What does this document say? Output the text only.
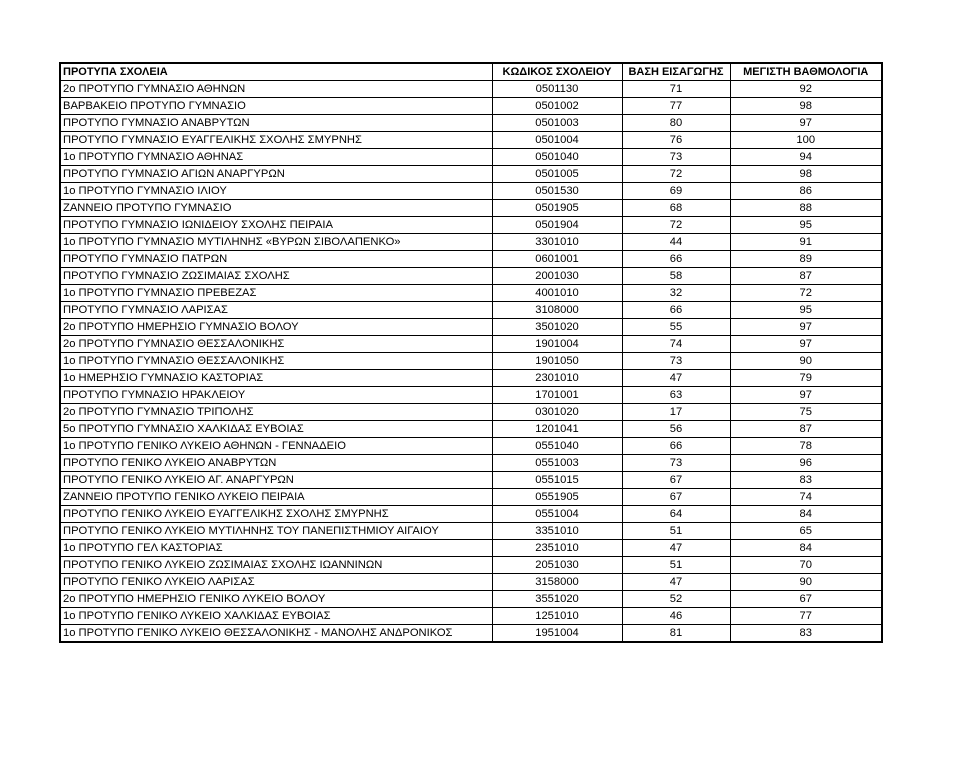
ΠΡΟΤΥΠΑ ΣΧΟΛΕΙΑ	ΚΩΔΙΚΟΣ ΣΧΟΛΕΙΟΥ	ΒΑΣΗ ΕΙΣΑΓΩΓΗΣ	ΜΕΓΙΣΤΗ ΒΑΘΜΟΛΟΓΙΑ
2ο ΠΡΟΤΥΠΟ ΓΥΜΝΑΣΙΟ ΑΘΗΝΩΝ	0501130	71	92
ΒΑΡΒΑΚΕΙΟ ΠΡΟΤΥΠΟ ΓΥΜΝΑΣΙΟ	0501002	77	98
ΠΡΟΤΥΠΟ ΓΥΜΝΑΣΙΟ ΑΝΑΒΡΥΤΩΝ	0501003	80	97
ΠΡΟΤΥΠΟ ΓΥΜΝΑΣΙΟ ΕΥΑΓΓΕΛΙΚΗΣ ΣΧΟΛΗΣ ΣΜΥΡΝΗΣ	0501004	76	100
1ο ΠΡΟΤΥΠΟ ΓΥΜΝΑΣΙΟ ΑΘΗΝΑΣ	0501040	73	94
ΠΡΟΤΥΠΟ ΓΥΜΝΑΣΙΟ ΑΓΙΩΝ ΑΝΑΡΓΥΡΩΝ	0501005	72	98
1ο ΠΡΟΤΥΠΟ ΓΥΜΝΑΣΙΟ ΙΛΙΟΥ	0501530	69	86
ΖΑΝΝΕΙΟ ΠΡΟΤΥΠΟ ΓΥΜΝΑΣΙΟ	0501905	68	88
ΠΡΟΤΥΠΟ ΓΥΜΝΑΣΙΟ ΙΩΝΙΔΕΙΟΥ ΣΧΟΛΗΣ ΠΕΙΡΑΙΑ	0501904	72	95
1ο ΠΡΟΤΥΠΟ ΓΥΜΝΑΣΙΟ ΜΥΤΙΛΗΝΗΣ «ΒΥΡΩΝ ΣΙΒΟΛΑΠΕΝΚΟ»	3301010	44	91
ΠΡΟΤΥΠΟ ΓΥΜΝΑΣΙΟ ΠΑΤΡΩΝ	0601001	66	89
ΠΡΟΤΥΠΟ ΓΥΜΝΑΣΙΟ ΖΩΣΙΜΑΙΑΣ ΣΧΟΛΗΣ	2001030	58	87
1ο ΠΡΟΤΥΠΟ ΓΥΜΝΑΣΙΟ ΠΡΕΒΕΖΑΣ	4001010	32	72
ΠΡΟΤΥΠΟ ΓΥΜΝΑΣΙΟ ΛΑΡΙΣΑΣ	3108000	66	95
2ο ΠΡΟΤΥΠΟ ΗΜΕΡΗΣΙΟ ΓΥΜΝΑΣΙΟ ΒΟΛΟΥ	3501020	55	97
2ο ΠΡΟΤΥΠΟ ΓΥΜΝΑΣΙΟ ΘΕΣΣΑΛΟΝΙΚΗΣ	1901004	74	97
1ο ΠΡΟΤΥΠΟ ΓΥΜΝΑΣΙΟ ΘΕΣΣΑΛΟΝΙΚΗΣ	1901050	73	90
1ο ΗΜΕΡΗΣΙΟ ΓΥΜΝΑΣΙΟ ΚΑΣΤΟΡΙΑΣ	2301010	47	79
ΠΡΟΤΥΠΟ ΓΥΜΝΑΣΙΟ ΗΡΑΚΛΕΙΟΥ	1701001	63	97
2ο ΠΡΟΤΥΠΟ ΓΥΜΝΑΣΙΟ ΤΡΙΠΟΛΗΣ	0301020	17	75
5ο ΠΡΟΤΥΠΟ ΓΥΜΝΑΣΙΟ ΧΑΛΚΙΔΑΣ ΕΥΒΟΙΑΣ	1201041	56	87
1ο ΠΡΟΤΥΠΟ ΓΕΝΙΚΟ ΛΥΚΕΙΟ ΑΘΗΝΩΝ - ΓΕΝΝΑΔΕΙΟ	0551040	66	78
ΠΡΟΤΥΠΟ ΓΕΝΙΚΟ ΛΥΚΕΙΟ ΑΝΑΒΡΥΤΩΝ	0551003	73	96
ΠΡΟΤΥΠΟ ΓΕΝΙΚΟ ΛΥΚΕΙΟ ΑΓ. ΑΝΑΡΓΥΡΩΝ	0551015	67	83
ΖΑΝΝΕΙΟ ΠΡΟΤΥΠΟ ΓΕΝΙΚΟ ΛΥΚΕΙΟ ΠΕΙΡΑΙΑ	0551905	67	74
ΠΡΟΤΥΠΟ ΓΕΝΙΚΟ ΛΥΚΕΙΟ ΕΥΑΓΓΕΛΙΚΗΣ ΣΧΟΛΗΣ ΣΜΥΡΝΗΣ	0551004	64	84
ΠΡΟΤΥΠΟ ΓΕΝΙΚΟ ΛΥΚΕΙΟ ΜΥΤΙΛΗΝΗΣ ΤΟΥ ΠΑΝΕΠΙΣΤΗΜΙΟΥ ΑΙΓΑΙΟΥ	3351010	51	65
1ο ΠΡΟΤΥΠΟ ΓΕΛ ΚΑΣΤΟΡΙΑΣ	2351010	47	84
ΠΡΟΤΥΠΟ ΓΕΝΙΚΟ ΛΥΚΕΙΟ ΖΩΣΙΜΑΙΑΣ ΣΧΟΛΗΣ ΙΩΑΝΝΙΝΩΝ	2051030	51	70
ΠΡΟΤΥΠΟ ΓΕΝΙΚΟ ΛΥΚΕΙΟ ΛΑΡΙΣΑΣ	3158000	47	90
2ο ΠΡΟΤΥΠΟ ΗΜΕΡΗΣΙΟ ΓΕΝΙΚΟ ΛΥΚΕΙΟ ΒΟΛΟΥ	3551020	52	67
1ο ΠΡΟΤΥΠΟ ΓΕΝΙΚΟ ΛΥΚΕΙΟ ΧΑΛΚΙΔΑΣ ΕΥΒΟΙΑΣ	1251010	46	77
1ο ΠΡΟΤΥΠΟ ΓΕΝΙΚΟ ΛΥΚΕΙΟ ΘΕΣΣΑΛΟΝΙΚΗΣ - ΜΑΝΟΛΗΣ ΑΝΔΡΟΝΙΚΟΣ	1951004	81	83
